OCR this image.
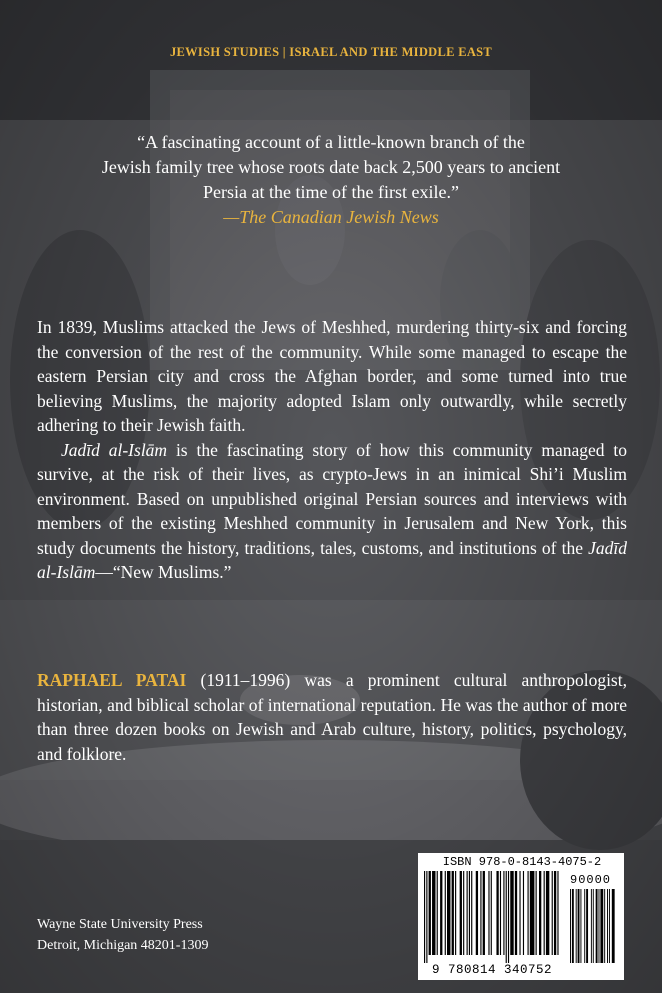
JEWISH STUDIES | ISRAEL AND THE MIDDLE EAST
“A fascinating account of a little-known branch of the
Jewish family tree whose roots date back 2,500 years to ancient
Persia at the time of the first exile.”
—The Canadian Jewish News

In 1839, Muslims attacked the Jews of Meshhed, murdering thirty-six and forcing the conversion of the rest of the community. While some managed to escape the eastern Persian city and cross the Afghan border, and some turned into true believing Muslims, the majority adopted Islam only outwardly, while secretly adhering to their Jewish faith.

Jadīd al-Islām is the fascinating story of how this community managed to survive, at the risk of their lives, as crypto-Jews in an inimical Shi’i Muslim environment. Based on unpublished original Persian sources and interviews with members of the existing Meshhed community in Jerusalem and New York, this study documents the history, traditions, tales, customs, and institutions of the Jadīd al-Islām—“New Muslims.”

RAPHAEL PATAI (1911–1996) was a prominent cultural anthropologist, historian, and biblical scholar of international reputation. He was the author of more than three dozen books on Jewish and Arab culture, history, politics, psychology, and folklore.
Wayne State University Press
Detroit, Michigan 48201-1309
ISBN 978-0-8143-4075-2
90000
9 780814 340752
